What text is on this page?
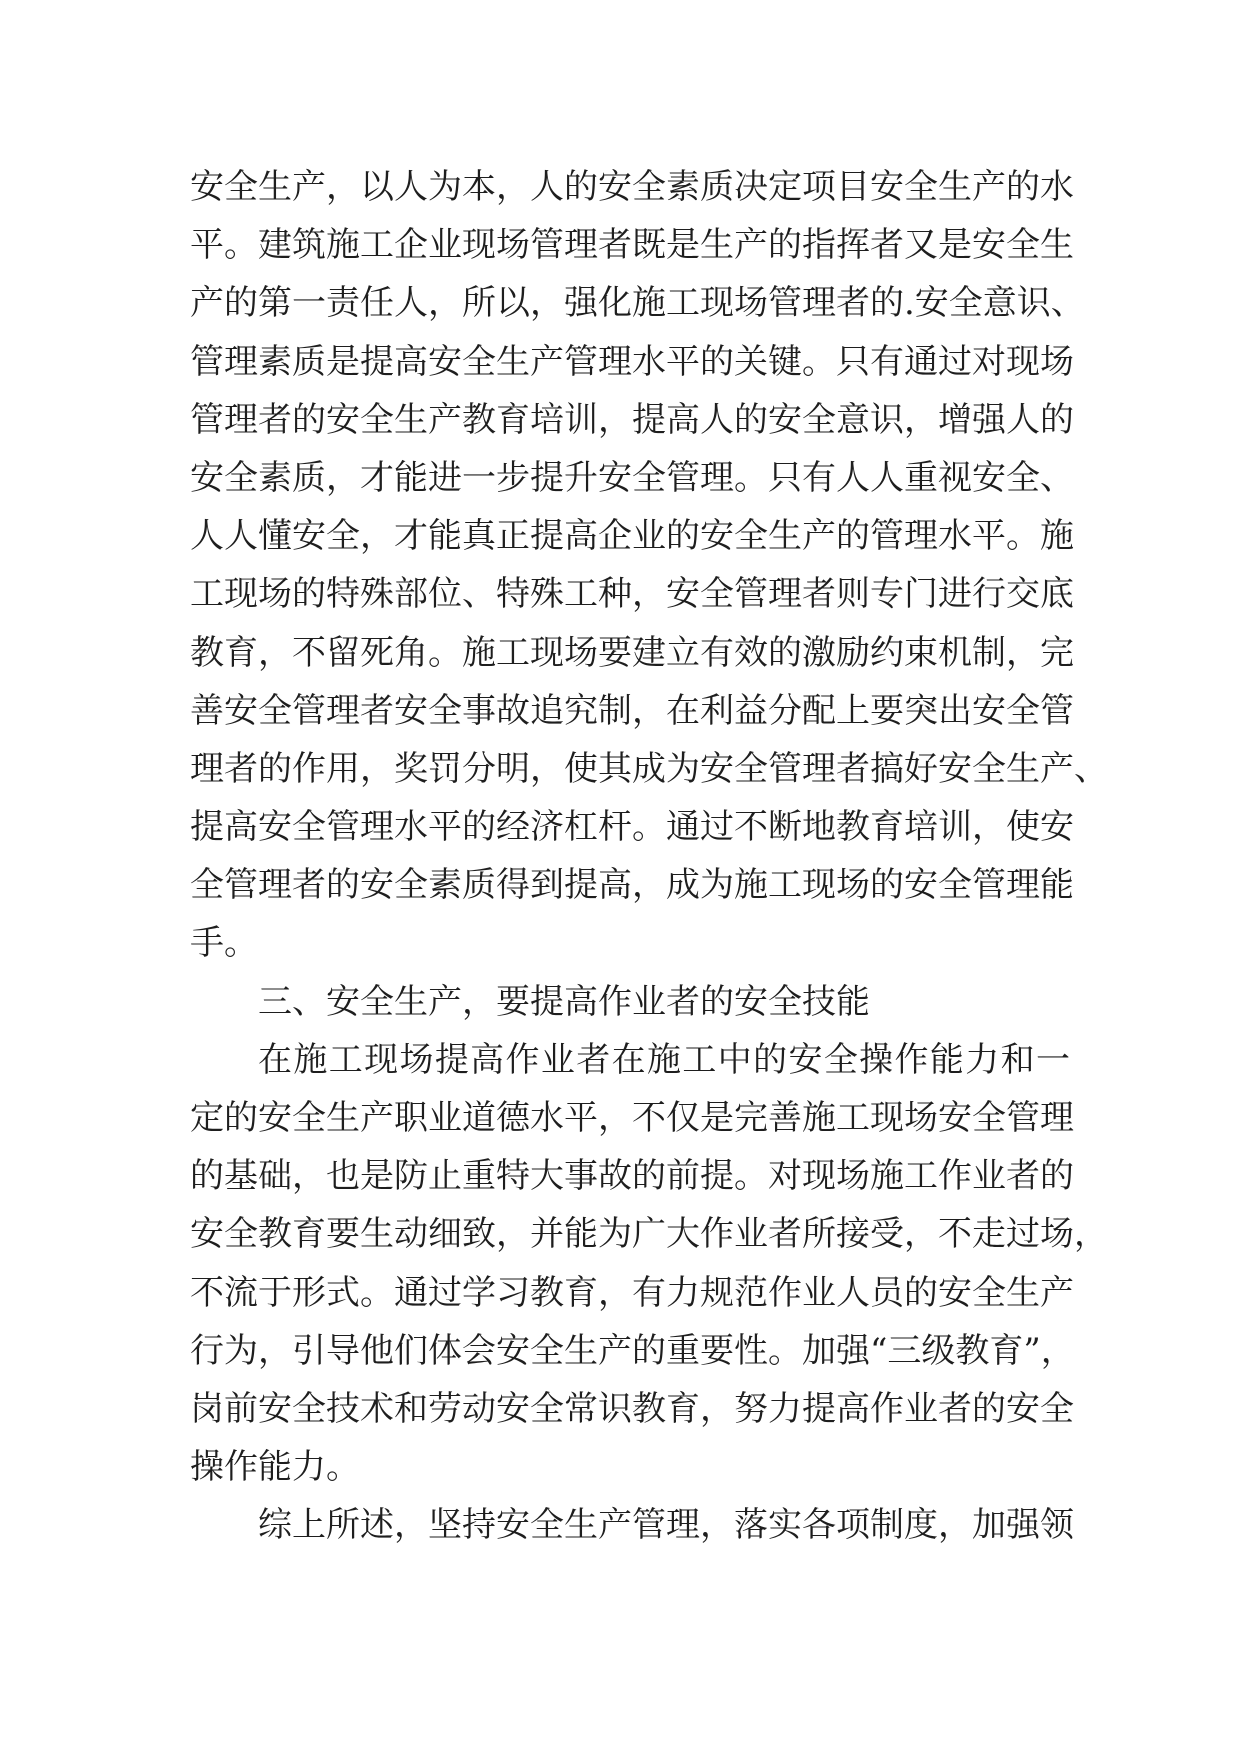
安全生产，以人为本，人的安全素质决定项目安全生产的水
平。建筑施工企业现场管理者既是生产的指挥者又是安全生
产的第一责任人，所以，强化施工现场管理者的.安全意识、
管理素质是提高安全生产管理水平的关键。只有通过对现场
管理者的安全生产教育培训，提高人的安全意识，增强人的
安全素质，才能进一步提升安全管理。只有人人重视安全、
人人懂安全，才能真正提高企业的安全生产的管理水平。施
工现场的特殊部位、特殊工种，安全管理者则专门进行交底
教育，不留死角。施工现场要建立有效的激励约束机制，完
善安全管理者安全事故追究制，在利益分配上要突出安全管
理者的作用，奖罚分明，使其成为安全管理者搞好安全生产、
提高安全管理水平的经济杠杆。通过不断地教育培训，使安
全管理者的安全素质得到提高，成为施工现场的安全管理能
手。
三、安全生产，要提高作业者的安全技能
在施工现场提高作业者在施工中的安全操作能力和一
定的安全生产职业道德水平，不仅是完善施工现场安全管理
的基础，也是防止重特大事故的前提。对现场施工作业者的
安全教育要生动细致，并能为广大作业者所接受，不走过场，
不流于形式。通过学习教育，有力规范作业人员的安全生产
行为，引导他们体会安全生产的重要性。加强“三级教育”，
岗前安全技术和劳动安全常识教育，努力提高作业者的安全
操作能力。
综上所述，坚持安全生产管理，落实各项制度，加强领
